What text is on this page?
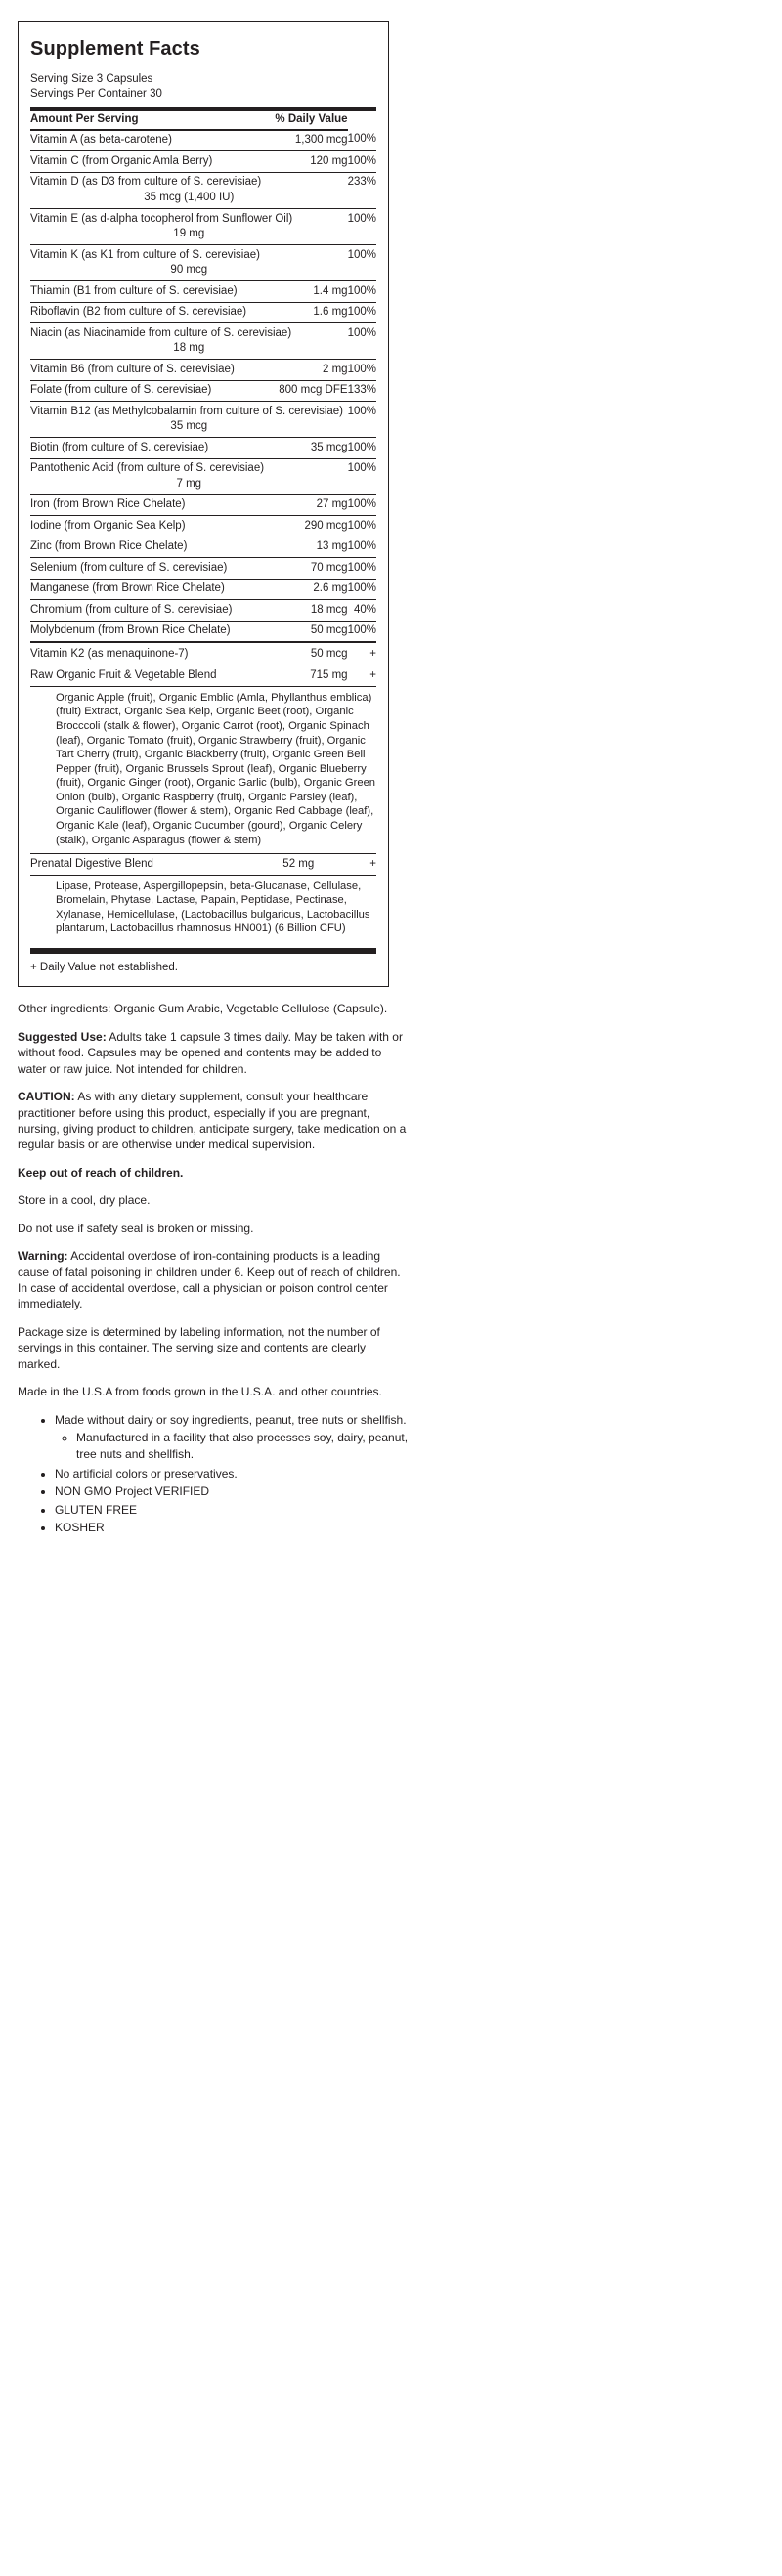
Supplement Facts
Serving Size 3 Capsules
Servings Per Container 30
Amount Per Serving	% Daily Value	
Vitamin A (as beta-carotene)	1,300 mcg	100%
Vitamin C (from Organic Amla Berry)	120 mg	100%

Vitamin D (as D3 from culture of S. cerevisiae)
35 mcg (1,400 IU)		233%

Vitamin E (as d-alpha tocopherol from Sunflower Oil)
19 mg		100%

Vitamin K (as K1 from culture of S. cerevisiae)
90 mcg		100%
Thiamin (B1 from culture of S. cerevisiae)	1.4 mg	100%
Riboflavin (B2 from culture of S. cerevisiae)	1.6 mg	100%

Niacin (as Niacinamide from culture of S. cerevisiae)
18 mg		100%
Vitamin B6 (from culture of S. cerevisiae)	2 mg	100%
Folate (from culture of S. cerevisiae)	800 mcg DFE	133%

Vitamin B12 (as Methylcobalamin from culture of S. cerevisiae)
35 mcg		100%
Biotin (from culture of S. cerevisiae)	35 mcg	100%

Pantothenic Acid (from culture of S. cerevisiae)
7 mg		100%
Iron (from Brown Rice Chelate)	27 mg	100%
Iodine (from Organic Sea Kelp)	290 mcg	100%
Zinc (from Brown Rice Chelate)	13 mg	100%
Selenium (from culture of S. cerevisiae)	70 mcg	100%
Manganese (from Brown Rice Chelate)	2.6 mg	100%
Chromium (from culture of S. cerevisiae)	18 mcg	40%
Molybdenum (from Brown Rice Chelate)	50 mcg	100%
Vitamin K2 (as menaquinone-7)	50 mcg	+
Raw Organic Fruit & Vegetable Blend	715 mg	+
Organic Apple (fruit), Organic Emblic (Amla, Phyllanthus emblica) (fruit) Extract, Organic Sea Kelp, Organic Beet (root), Organic Brocccoli (stalk & flower), Organic Carrot (root), Organic Spinach (leaf), Organic Tomato (fruit), Organic Strawberry (fruit), Organic Tart Cherry (fruit), Organic Blackberry (fruit), Organic Green Bell Pepper (fruit), Organic Brussels Sprout (leaf), Organic Blueberry (fruit), Organic Ginger (root), Organic Garlic (bulb), Organic Green Onion (bulb), Organic Raspberry (fruit), Organic Parsley (leaf), Organic Cauliflower (flower & stem), Organic Red Cabbage (leaf), Organic Kale (leaf), Organic Cucumber (gourd), Organic Celery (stalk), Organic Asparagus (flower & stem)
Prenatal Digestive Blend	52 mg	+
Lipase, Protease, Aspergillopepsin, beta-Glucanase, Cellulase, Bromelain, Phytase, Lactase, Papain, Peptidase, Pectinase, Xylanase, Hemicellulase, (Lactobacillus bulgaricus, Lactobacillus plantarum, Lactobacillus rhamnosus HN001) (6 Billion CFU)
+ Daily Value not established.

Other ingredients: Organic Gum Arabic, Vegetable Cellulose (Capsule).

Suggested Use: Adults take 1 capsule 3 times daily. May be taken with or without food. Capsules may be opened and contents may be added to water or raw juice. Not intended for children.

CAUTION: As with any dietary supplement, consult your healthcare practitioner before using this product, especially if you are pregnant, nursing, giving product to children, anticipate surgery, take medication on a regular basis or are otherwise under medical supervision.

Keep out of reach of children.

Store in a cool, dry place.

Do not use if safety seal is broken or missing.

Warning: Accidental overdose of iron-containing products is a leading cause of fatal poisoning in children under 6. Keep out of reach of children. In case of accidental overdose, call a physician or poison control center immediately.

Package size is determined by labeling information, not the number of servings in this container. The serving size and contents are clearly marked.

Made in the U.S.A from foods grown in the U.S.A. and other countries.

• Made without dairy or soy ingredients, peanut, tree nuts or shellfish.
◦ Manufactured in a facility that also processes soy, dairy, peanut, tree nuts and shellfish.
• No artificial colors or preservatives.
• NON GMO Project VERIFIED
• GLUTEN FREE
• KOSHER
